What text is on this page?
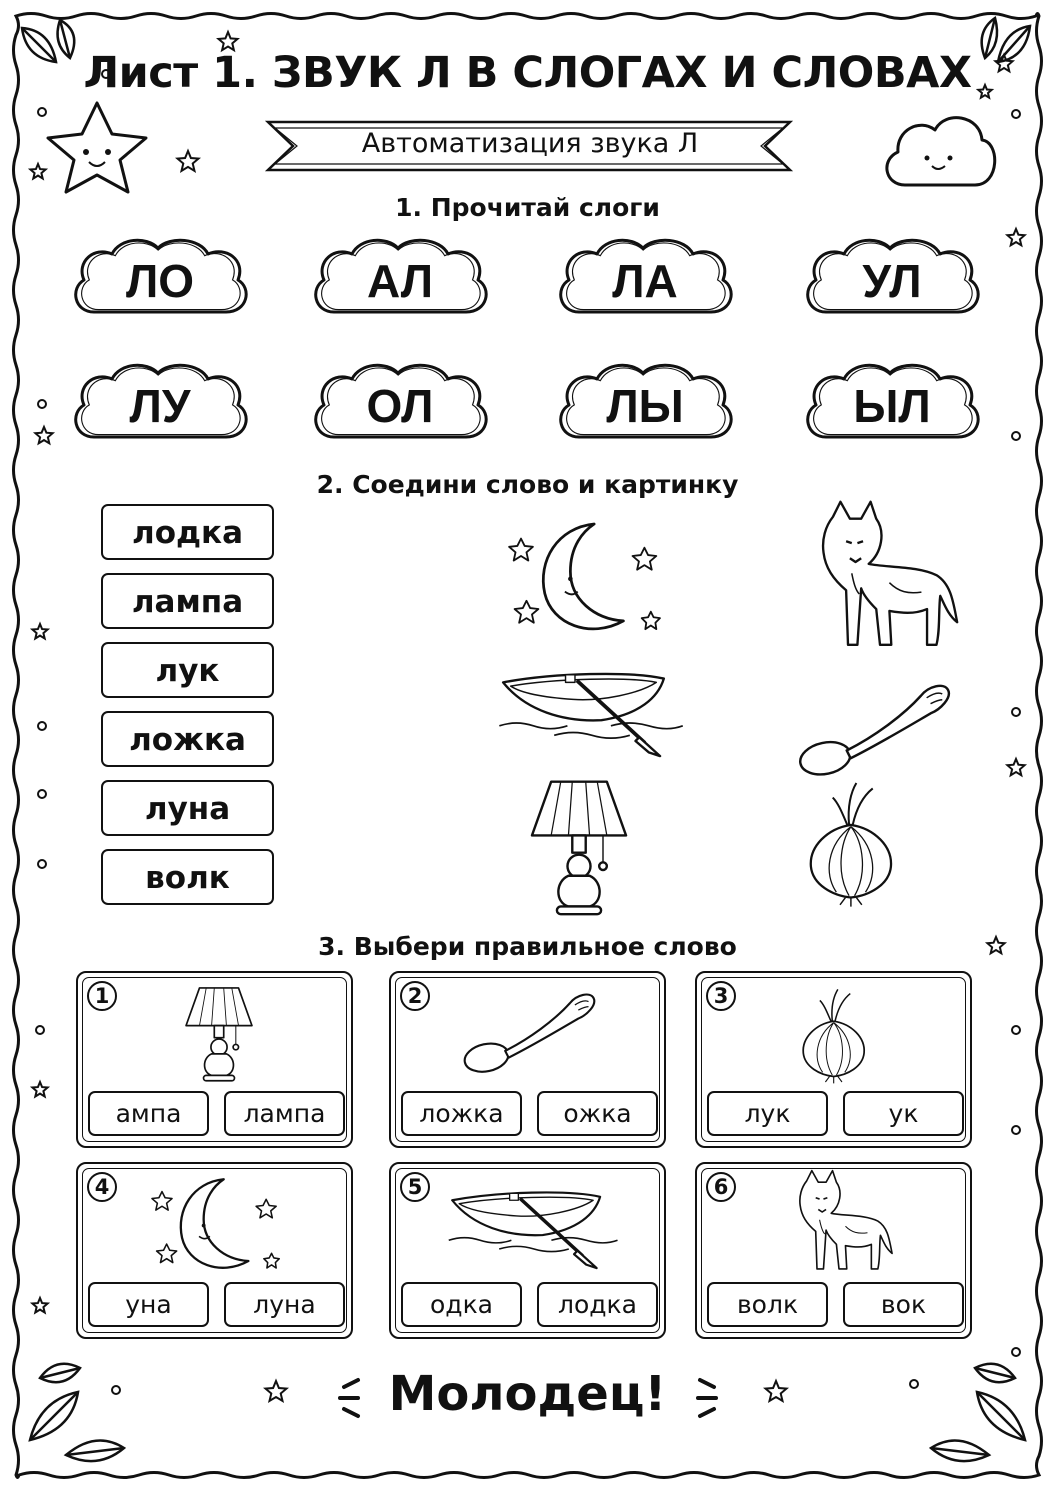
Лист 1. ЗВУК Л В СЛОГАХ И СЛОВАХ
Автоматизация звука Л
1. Прочитай слоги
ЛО	АЛ	ЛА	УЛ
ЛУ	ОЛ	ЛЫ	ЫЛ
2. Соедини слово и картинку
лодка
лампа
лук
ложка
луна
волк
3. Выбери правильное слово
1
ампа	лампа
2
ложка	ожка
3
лук	ук
4
уна	луна
5
одка	лодка
6
волк	вок
Молодец!
